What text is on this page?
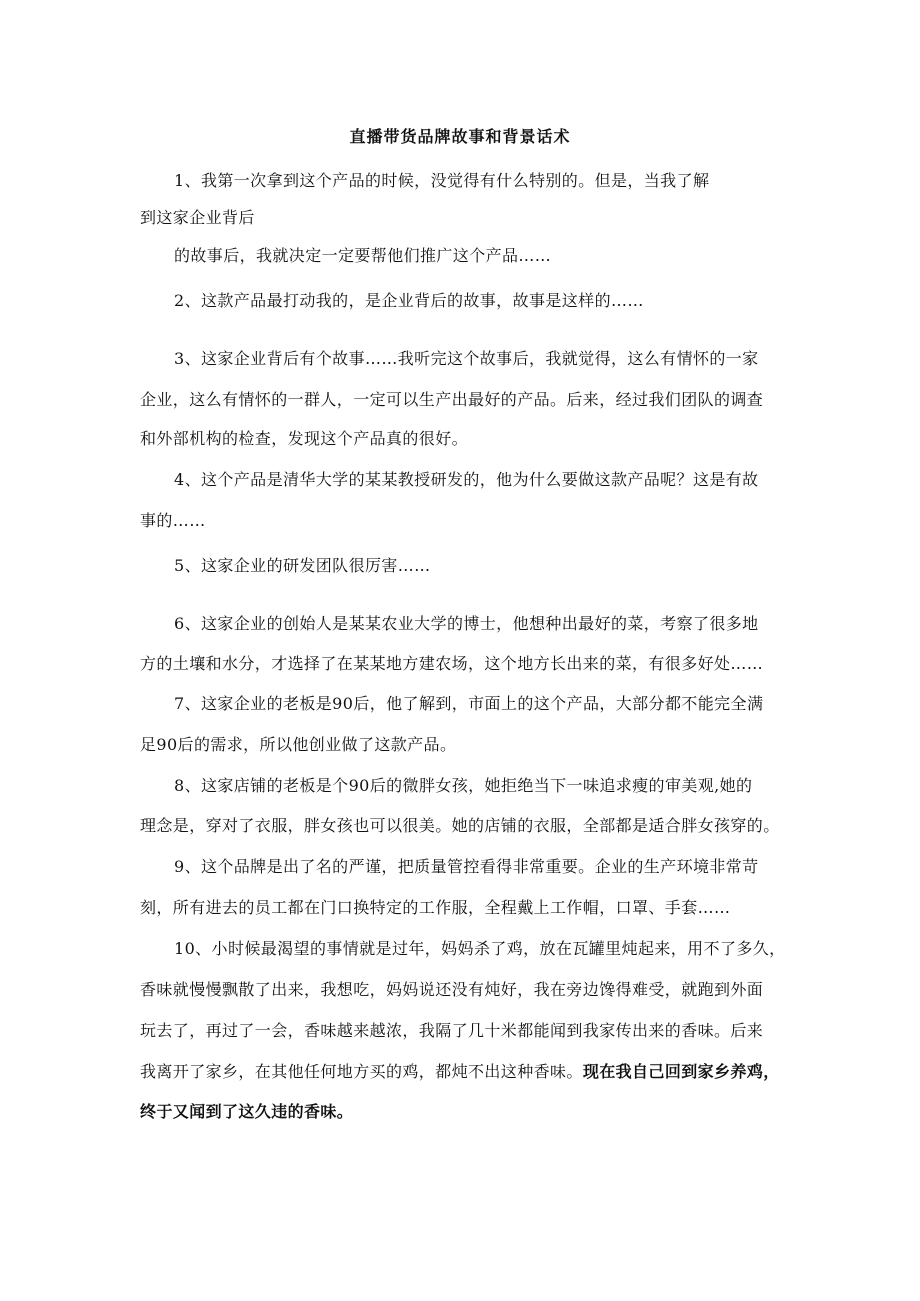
直播带货品牌故事和背景话术
1、我第一次拿到这个产品的时候，没觉得有什么特别的。但是，当我了解
到这家企业背后
的故事后，我就决定一定要帮他们推广这个产品……
2、这款产品最打动我的，是企业背后的故事，故事是这样的……
3、这家企业背后有个故事……我听完这个故事后，我就觉得，这么有情怀的一家
企业，这么有情怀的一群人，一定可以生产出最好的产品。后来，经过我们团队的调查
和外部机构的检查，发现这个产品真的很好。
4、这个产品是清华大学的某某教授研发的，他为什么要做这款产品呢？这是有故
事的……
5、这家企业的研发团队很厉害……
6、这家企业的创始人是某某农业大学的博士，他想种出最好的菜，考察了很多地
方的土壤和水分，才选择了在某某地方建农场，这个地方长出来的菜，有很多好处……
7、这家企业的老板是90后，他了解到，市面上的这个产品，大部分都不能完全满
足90后的需求，所以他创业做了这款产品。
8、这家店铺的老板是个90后的微胖女孩，她拒绝当下一味追求瘦的审美观,她的
理念是，穿对了衣服，胖女孩也可以很美。她的店铺的衣服，全部都是适合胖女孩穿的。
9、这个品牌是出了名的严谨，把质量管控看得非常重要。企业的生产环境非常苛
刻，所有进去的员工都在门口换特定的工作服，全程戴上工作帽，口罩、手套……
10、小时候最渴望的事情就是过年，妈妈杀了鸡，放在瓦罐里炖起来，用不了多久，
香味就慢慢飘散了出来，我想吃，妈妈说还没有炖好，我在旁边馋得难受，就跑到外面
玩去了，再过了一会，香味越来越浓，我隔了几十米都能闻到我家传出来的香味。后来
我离开了家乡，在其他任何地方买的鸡，都炖不出这种香味。现在我自己回到家乡养鸡，
终于又闻到了这久违的香味。
